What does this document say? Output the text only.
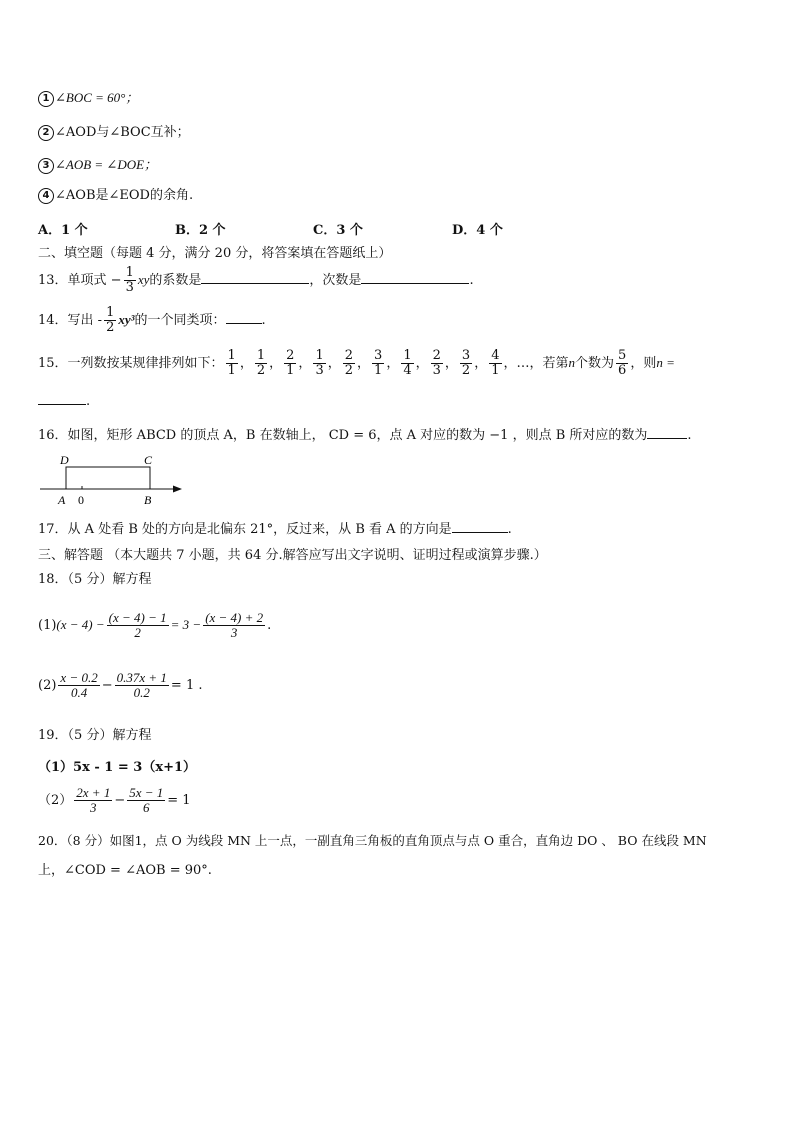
1 ∠BOC = 60°；
2 ∠AOD与∠BOC互补；
3 ∠AOB = ∠DOE；
4 ∠AOB是∠EOD的余角.
A．1 个	B．2 个	C．3 个	D．4 个
二、填空题（每题 4 分，满分 20 分，将答案填在答题纸上）
13．单项式 − $\frac{1}{3}$ xy的系数是	，次数是	.
14．写出 - $\frac{1}{2} xy^3$的一个同类项：	.
15．一列数按某规律排列如下： $\frac{1}{1}$ ， $\frac{1}{2}$ ， $\frac{2}{1}$ ， $\frac{1}{3}$ ， $\frac{2}{2}$ ， $\frac{3}{1}$ ， $\frac{1}{4}$ ， $\frac{2}{3}$ ， $\frac{3}{2}$ ， $\frac{4}{1}$ ，…，若第n个数为 $\frac{5}{6}$ ，则n =
.
16．如图，矩形 ABCD 的顶点 A，B 在数轴上， CD = 6，点 A 对应的数为 −1 ，则点 B 所对应的数为	.
D	C
A 0	B
17．从 A 处看 B 处的方向是北偏东 21°，反过来，从 B 看 A 的方向是	.
三、解答题 （本大题共 7 小题，共 64 分.解答应写出文字说明、证明过程或演算步骤.）
18．（5 分）解方程
$(1)(x - 4) - \frac{(x - 4) - 1}{2} = 3 - \frac{(x - 4) + 2}{3}$ .
$(2) \frac{x - 0.2}{0.4} - \frac{0.37x + 1}{0.2} = 1$ .
19．（5 分）解方程
（1）5x - 1 = 3（x+1）
$(2) \frac{2x + 1}{3} - \frac{5x - 1}{6} = 1$
20．（8 分）如图1，点 O 为线段 MN 上一点，一副直角三角板的直角顶点与点 O 重合，直角边 DO 、 BO 在线段 MN
上，∠COD = ∠AOB = 90°.
